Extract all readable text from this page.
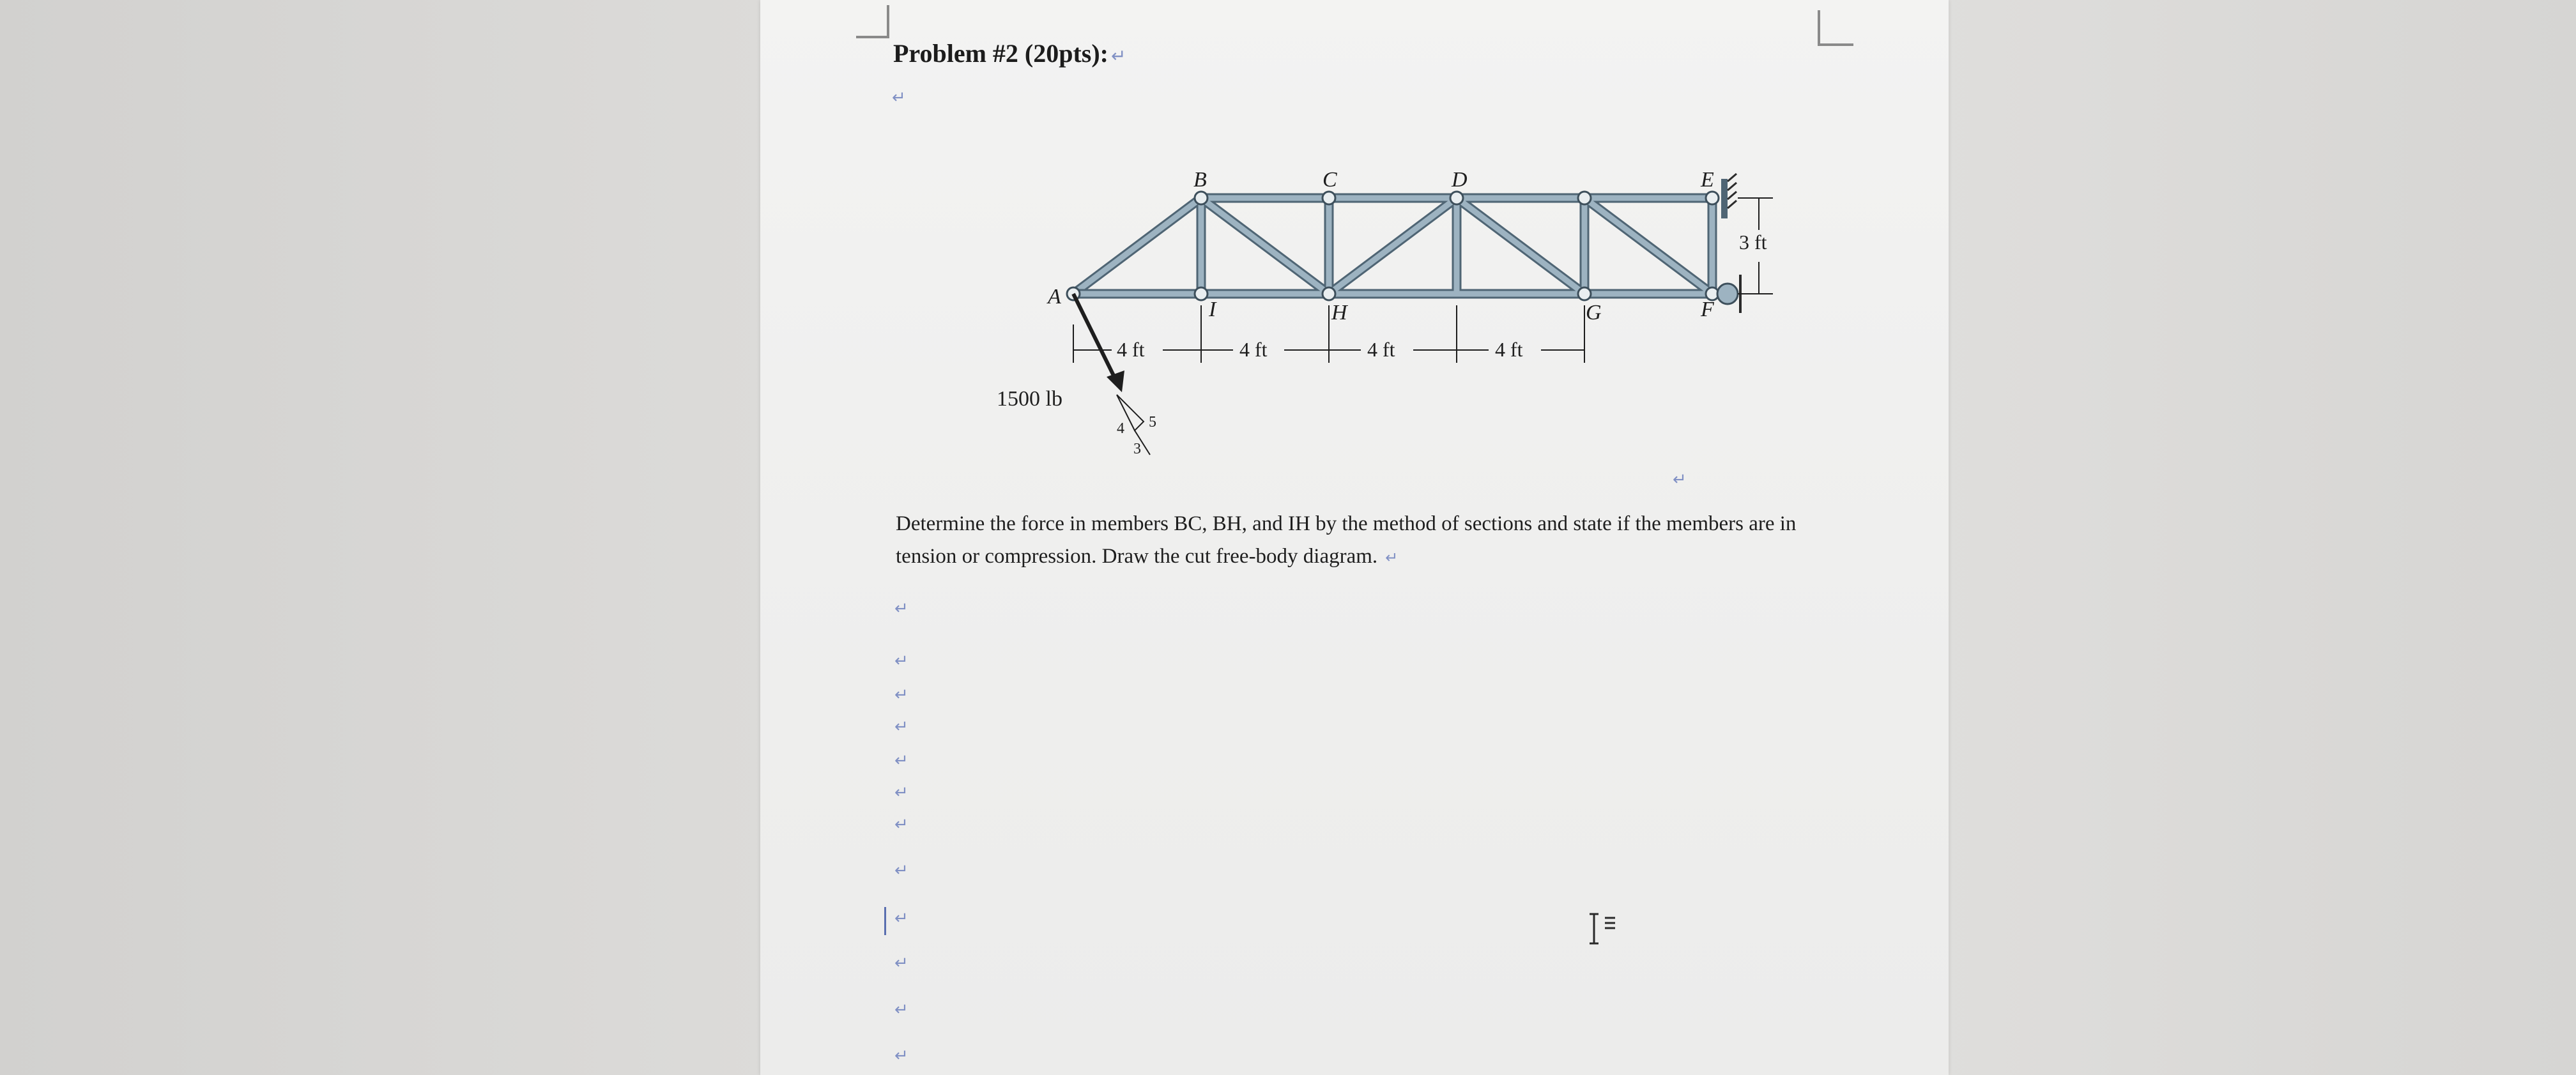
Problem #2 (20pts): ↵
↵
A
B	C	D	E
F
G
H
I
4 ft	4 ft	4 ft	4 ft
3 ft
1500 lb
4 5
3
↵
Determine the force in members BC, BH, and IH by the method of sections and state if the members are in tension or compression. Draw the cut free-body diagram. ↵
↵
↵
↵
↵
↵
↵
↵
↵
↵
↵
↵
↵
